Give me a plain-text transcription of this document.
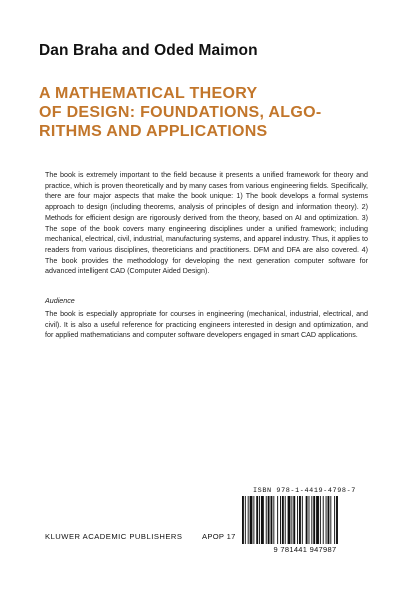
Dan Braha and Oded Maimon
A MATHEMATICAL THEORY
OF DESIGN: FOUNDATIONS, ALGO-
RITHMS AND APPLICATIONS
The book is extremely important to the field because it presents a unified framework for theory and practice, which is proven theoretically and by many cases from various engineering fields. Specifically, there are four major aspects that make the book unique: 1) The book develops a formal systems approach to design (including theorems, analysis of principles of design and information theory). 2) Methods for efficient design are rigorously derived from the theory, based on AI and optimization. 3) The sope of the book covers many engineering disciplines under a unified framework; including mechanical, electrical, civil, industrial, manufacturing systems, and apparel industry. Thus, it applies to readers from various disciplines, theoreticians and practitioners. DFM and DFA are also covered. 4) The book provides the methodology for developing the next generation computer software for advanced intelligent CAD (Computer Aided Design).
Audience
The book is especially appropriate for courses in engineering (mechanical, industrial, electrical, and civil). It is also a useful reference for practicing engineers interested in design and optimization, and for applied mathematicians and computer software developers engaged in smart CAD applications.
ISBN 978-1-4419-4798-7
9 781441 947987
KLUWER ACADEMIC PUBLISHERS	APOP 17
